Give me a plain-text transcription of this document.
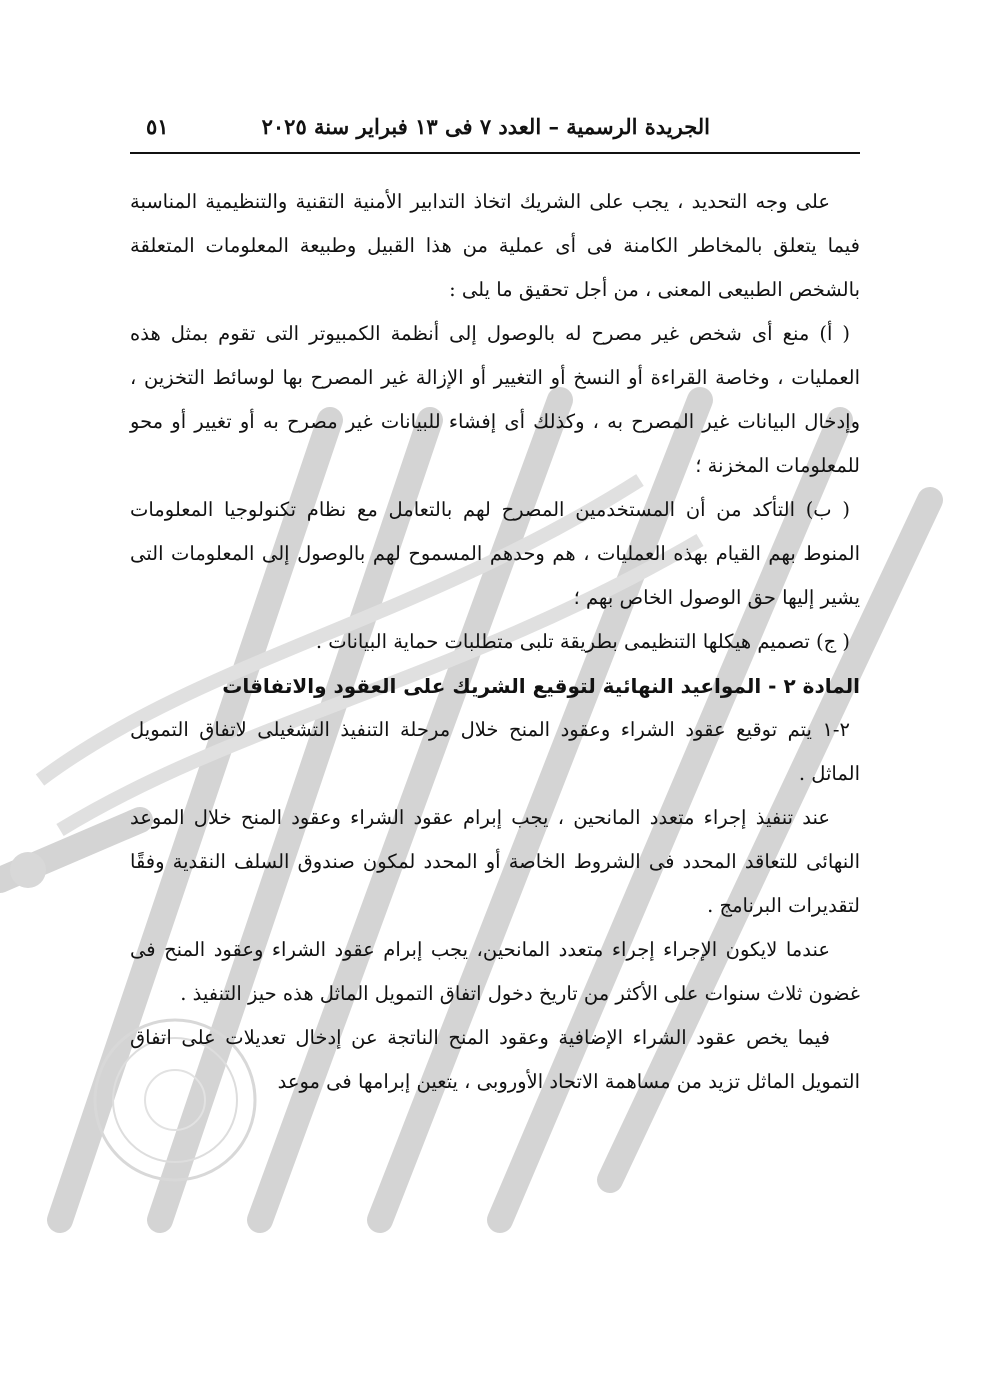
الجريدة الرسمية – العدد ٧ فى ١٣ فبراير سنة ٢٠٢٥
٥١

على وجه التحديد ، يجب على الشريك اتخاذ التدابير الأمنية التقنية والتنظيمية المناسبة فيما يتعلق بالمخاطر الكامنة فى أى عملية من هذا القبيل وطبيعة المعلومات المتعلقة بالشخص الطبيعى المعنى ، من أجل تحقيق ما يلى :

( أ) منع أى شخص غير مصرح له بالوصول إلى أنظمة الكمبيوتر التى تقوم بمثل هذه العمليات ، وخاصة القراءة أو النسخ أو التغيير أو الإزالة غير المصرح بها لوسائط التخزين ، وإدخال البيانات غير المصرح به ، وكذلك أى إفشاء للبيانات غير مصرح به أو تغيير أو محو للمعلومات المخزنة ؛

( ب) التأكد من أن المستخدمين المصرح لهم بالتعامل مع نظام تكنولوجيا المعلومات المنوط بهم القيام بهذه العمليات ، هم وحدهم المسموح لهم بالوصول إلى المعلومات التى يشير إليها حق الوصول الخاص بهم ؛

( ج) تصميم هيكلها التنظيمى بطريقة تلبى متطلبات حماية البيانات .

المادة ٢ - المواعيد النهائية لتوقيع الشريك على العقود والاتفاقات

٢-١ يتم توقيع عقود الشراء وعقود المنح خلال مرحلة التنفيذ التشغيلى لاتفاق التمويل الماثل .

عند تنفيذ إجراء متعدد المانحين ، يجب إبرام عقود الشراء وعقود المنح خلال الموعد النهائى للتعاقد المحدد فى الشروط الخاصة أو المحدد لمكون صندوق السلف النقدية وفقًا لتقديرات البرنامج .

عندما لايكون الإجراء إجراء متعدد المانحين، يجب إبرام عقود الشراء وعقود المنح فى غضون ثلاث سنوات على الأكثر من تاريخ دخول اتفاق التمويل الماثل هذه حيز التنفيذ .

فيما يخص عقود الشراء الإضافية وعقود المنح الناتجة عن إدخال تعديلات على اتفاق التمويل الماثل تزيد من مساهمة الاتحاد الأوروبى ، يتعين إبرامها فى موعد
